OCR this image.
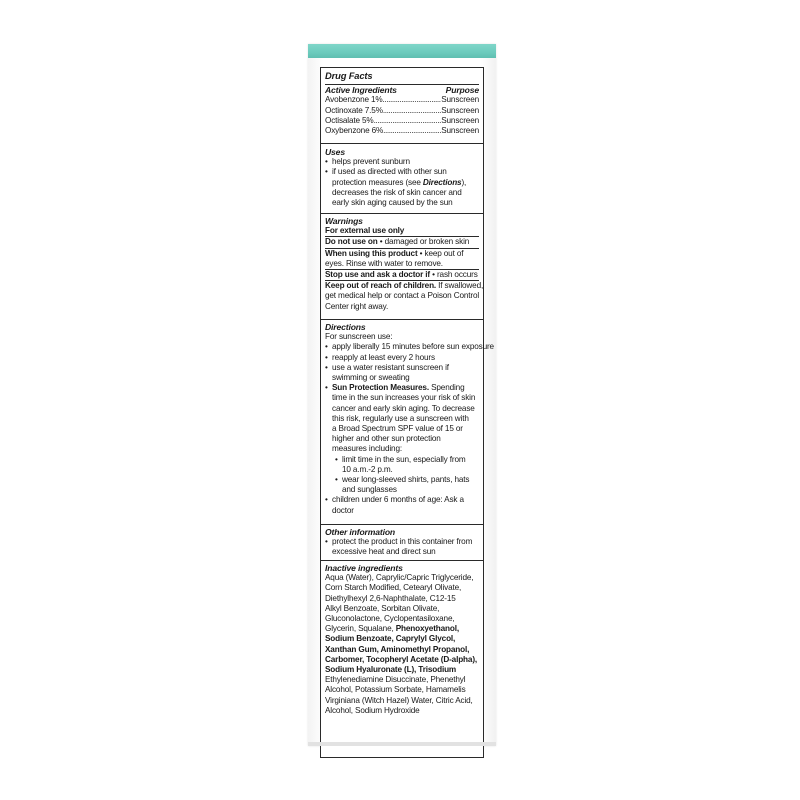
Drug Facts
Active Ingredients	Purpose
Avobenzone 1% .....	Sunscreen
Octinoxate 7.5% .....	Sunscreen
Octisalate 5% .....	Sunscreen
Oxybenzone 6% .....	Sunscreen
Uses
• helps prevent sunburn
• if used as directed with other sun
protection measures (see Directions),
decreases the risk of skin cancer and
early skin aging caused by the sun
Warnings
For external use only
Do not use on • damaged or broken skin
When using this product • keep out of
eyes. Rinse with water to remove.
Stop use and ask a doctor if • rash occurs
Keep out of reach of children. If swallowed,
get medical help or contact a Poison Control
Center right away.
Directions
For sunscreen use:
• apply liberally 15 minutes before sun exposure
• reapply at least every 2 hours
• use a water resistant sunscreen if
swimming or sweating
• Sun Protection Measures. Spending
time in the sun increases your risk of skin
cancer and early skin aging. To decrease
this risk, regularly use a sunscreen with
a Broad Spectrum SPF value of 15 or
higher and other sun protection
measures including:
• limit time in the sun, especially from
10 a.m.-2 p.m.
• wear long-sleeved shirts, pants, hats
and sunglasses
• children under 6 months of age: Ask a
doctor
Other information
• protect the product in this container from
excessive heat and direct sun
Inactive ingredients
Aqua (Water), Caprylic/Capric Triglyceride,
Corn Starch Modified, Cetearyl Olivate,
Diethylhexyl 2,6-Naphthalate, C12-15
Alkyl Benzoate, Sorbitan Olivate,
Gluconolactone, Cyclopentasiloxane,
Glycerin, Squalane, Phenoxyethanol,
Sodium Benzoate, Caprylyl Glycol,
Xanthan Gum, Aminomethyl Propanol,
Carbomer, Tocopheryl Acetate (D-alpha),
Sodium Hyaluronate (L), Trisodium
Ethylenediamine Disuccinate, Phenethyl
Alcohol, Potassium Sorbate, Hamamelis
Virginiana (Witch Hazel) Water, Citric Acid,
Alcohol, Sodium Hydroxide
